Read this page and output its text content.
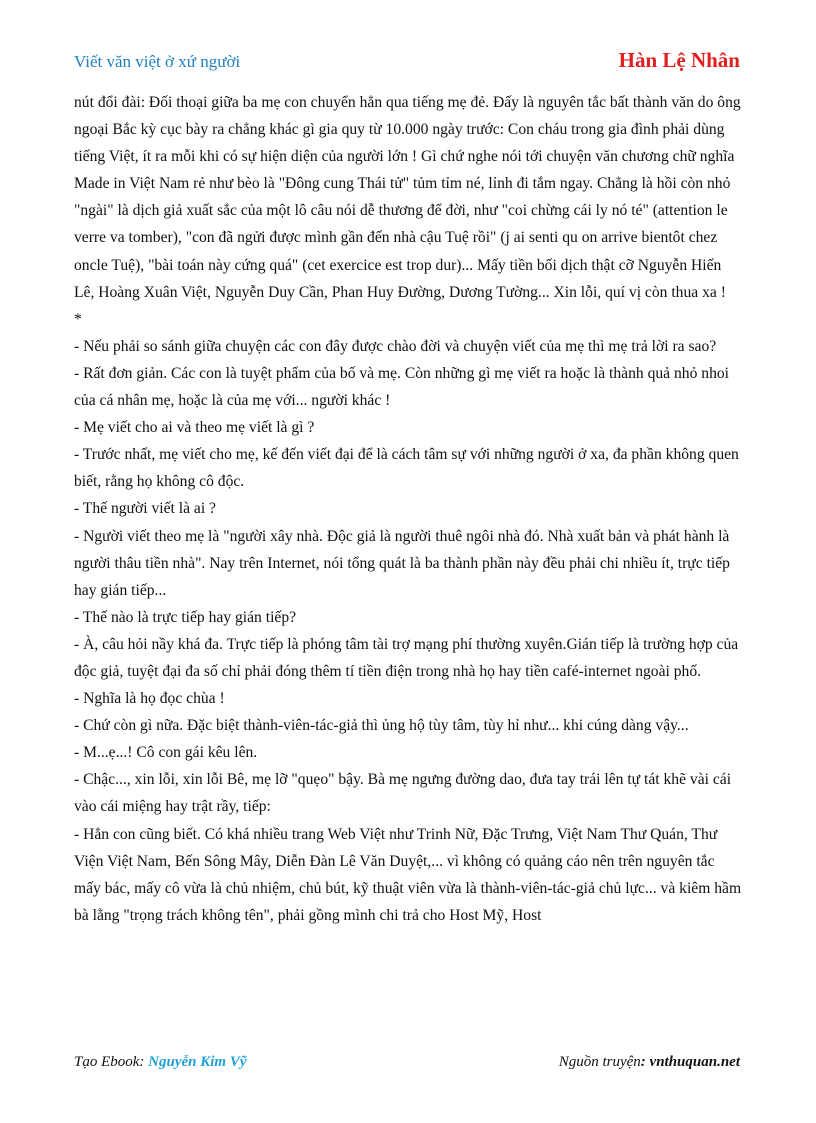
Viết văn việt ở xứ người	Hàn Lệ Nhân

nút đổi đài: Đối thoại giữa ba mẹ con chuyển hẳn qua tiếng mẹ đẻ. Đấy là nguyên tắc bất thành văn do ông ngoại Bắc kỳ cục bày ra chẳng khác gì gia quy từ 10.000 ngày trước: Con cháu trong gia đình phải dùng tiếng Việt, ít ra mỗi khi có sự hiện diện của người lớn ! Gì chứ nghe nói tới chuyện văn chương chữ nghĩa Made in Việt Nam rẻ như bèo là "Đông cung Thái tử" tủm tỉm né, lỉnh đi tắm ngay. Chẳng là hồi còn nhỏ "ngài" là dịch giả xuất sắc của một lô câu nói dễ thương để đời, như "coi chừng cái ly nó té" (attention le verre va tomber), "con đã ngửi được mình gần đến nhà cậu Tuệ rồi" (j ai senti qu on arrive bientôt chez oncle Tuệ), "bài toán này cứng quá" (cet exercice est trop dur)... Mấy tiền bối dịch thật cỡ Nguyễn Hiến Lê, Hoàng Xuân Việt, Nguyễn Duy Cần, Phan Huy Đường, Dương Tường... Xin lỗi, quí vị còn thua xa !

*

- Nếu phải so sánh giữa chuyện các con đây được chào đời và chuyện viết của mẹ thì mẹ trả lời ra sao?

- Rất đơn giản. Các con là tuyệt phẩm của bố và mẹ. Còn những gì mẹ viết ra hoặc là thành quả nhỏ nhoi của cá nhân mẹ, hoặc là của mẹ với... người khác !

- Mẹ viết cho ai và theo mẹ viết là gì ?

- Trước nhất, mẹ viết cho mẹ, kế đến viết đại để là cách tâm sự với những người ở xa, đa phần không quen biết, rằng họ không cô độc.

- Thế người viết là ai ?

- Người viết theo mẹ là "người xây nhà. Độc giả là người thuê ngôi nhà đó. Nhà xuất bản và phát hành là người thâu tiền nhà". Nay trên Internet, nói tổng quát là ba thành phần này đều phải chi nhiều ít, trực tiếp hay gián tiếp...

- Thế nào là trực tiếp hay gián tiếp?

- À, câu hỏi nầy khá đa. Trực tiếp là phóng tâm tài trợ mạng phí thường xuyên.Gián tiếp là trường hợp của độc giả, tuyệt đại đa số chỉ phải đóng thêm tí tiền điện trong nhà họ hay tiền café-internet ngoài phố.

- Nghĩa là họ đọc chùa !

- Chứ còn gì nữa. Đặc biệt thành-viên-tác-giả thì ủng hộ tùy tâm, tùy hỉ như... khi cúng dàng vậy...

- M...ẹ...! Cô con gái kêu lên.

- Chậc..., xin lỗi, xin lỗi Bê, mẹ lỡ "quẹo" bậy. Bà mẹ ngưng đường dao, đưa tay trái lên tự tát khẽ vài cái vào cái miệng hay trật rầy, tiếp:

- Hẳn con cũng biết. Có khá nhiều trang Web Việt như Trinh Nữ, Đặc Trưng, Việt Nam Thư Quán, Thư Viện Việt Nam, Bến Sông Mây, Diễn Đàn Lê Văn Duyệt,... vì không có quảng cáo nên trên nguyên tắc mấy bác, mấy cô vừa là chủ nhiệm, chủ bút, kỹ thuật viên vừa là thành-viên-tác-giả chủ lực... và kiêm hầm bà lằng "trọng trách không tên", phải gồng mình chi trả cho Host Mỹ, Host

Tạo Ebook: Nguyễn Kim Vỹ	Nguồn truyện: vnthuquan.net
